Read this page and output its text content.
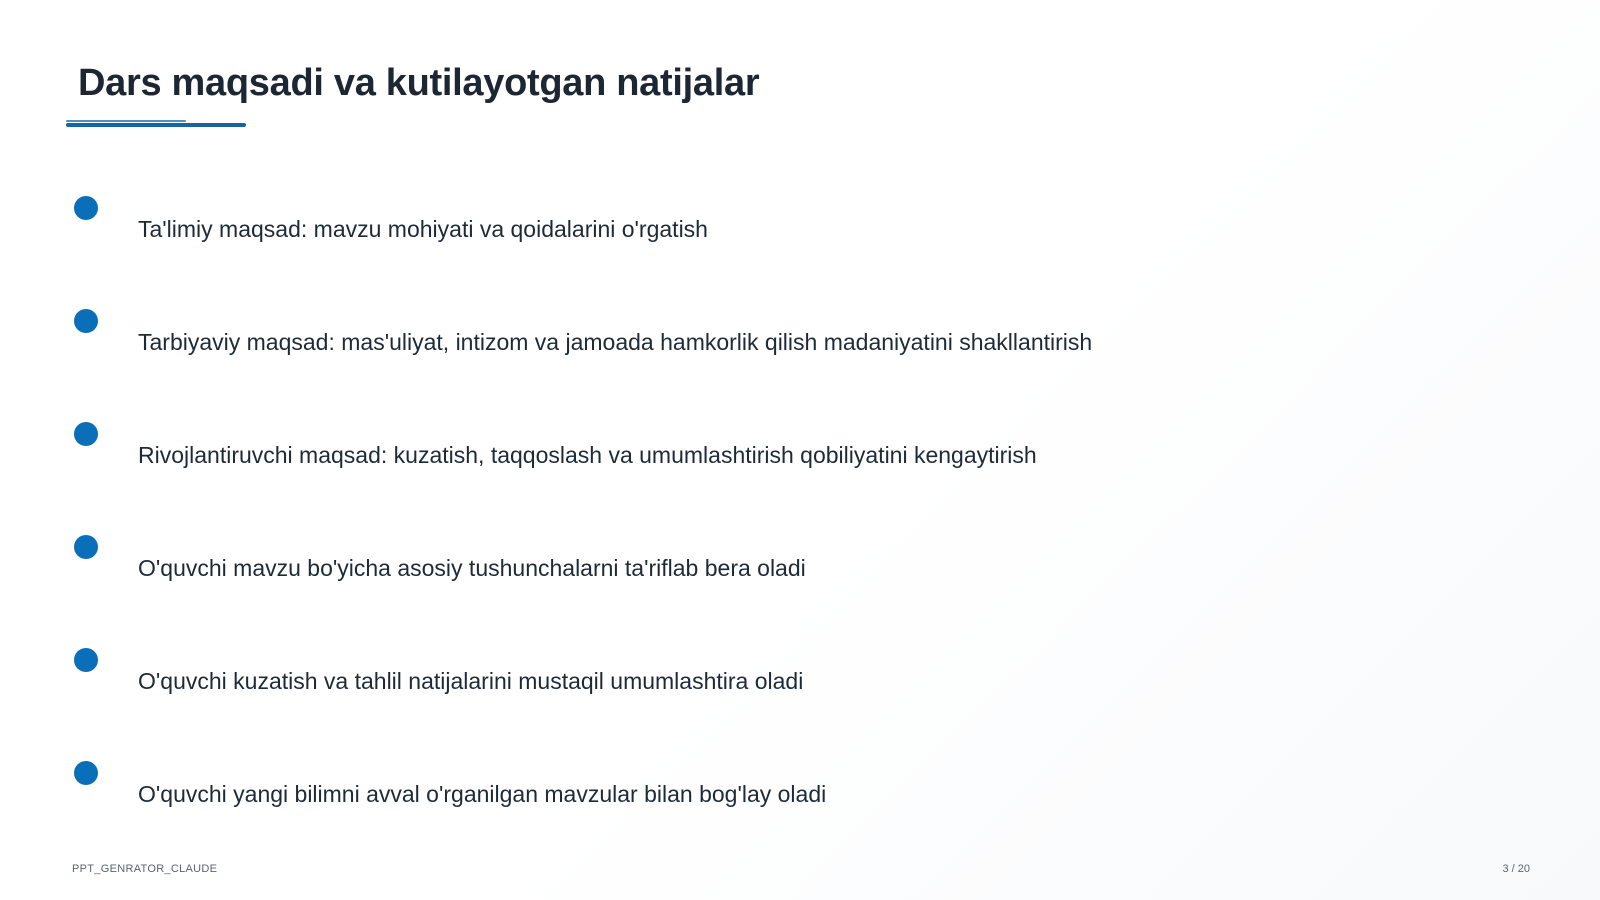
Dars maqsadi va kutilayotgan natijalar
Ta'limiy maqsad: mavzu mohiyati va qoidalarini o'rgatish
Tarbiyaviy maqsad: mas'uliyat, intizom va jamoada hamkorlik qilish madaniyatini shakllantirish
Rivojlantiruvchi maqsad: kuzatish, taqqoslash va umumlashtirish qobiliyatini kengaytirish
O'quvchi mavzu bo'yicha asosiy tushunchalarni ta'riflab bera oladi
O'quvchi kuzatish va tahlil natijalarini mustaqil umumlashtira oladi
O'quvchi yangi bilimni avval o'rganilgan mavzular bilan bog'lay oladi
PPT_GENRATOR_CLAUDE	3 / 20
